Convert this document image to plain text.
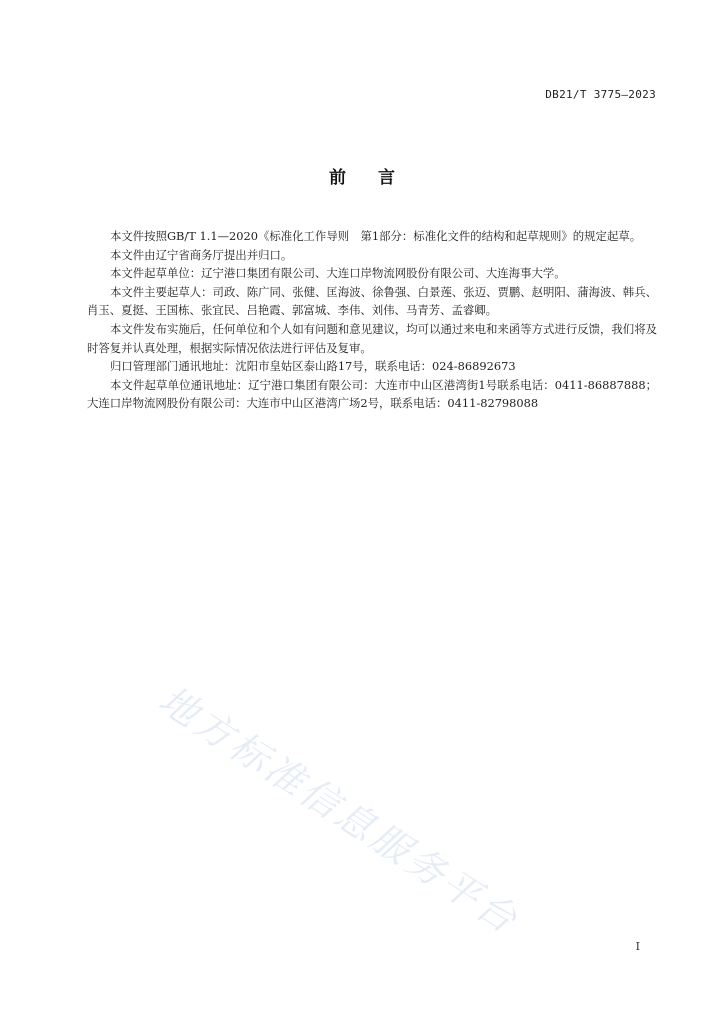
DB21/T 3775—2023
前言

本文件按照GB/T 1.1—2020《标准化工作导则　第1部分：标准化文件的结构和起草规则》的规定起草。

本文件由辽宁省商务厅提出并归口。

本文件起草单位：辽宁港口集团有限公司、大连口岸物流网股份有限公司、大连海事大学。

本文件主要起草人：司政、陈广同、张健、匡海波、徐鲁强、白景莲、张迈、贾鹏、赵明阳、蒲海波、韩兵、肖玉、夏挺、王国栋、张宜民、吕艳霞、郭富城、李伟、刘伟、马青芳、孟睿卿。

本文件发布实施后，任何单位和个人如有问题和意见建议，均可以通过来电和来函等方式进行反馈，我们将及时答复并认真处理，根据实际情况依法进行评估及复审。

归口管理部门通讯地址：沈阳市皇姑区泰山路17号，联系电话：024-86892673

本文件起草单位通讯地址：辽宁港口集团有限公司：大连市中山区港湾街1号联系电话：0411-86887888；大连口岸物流网股份有限公司：大连市中山区港湾广场2号，联系电话：0411-82798088

地方标准信息服务平台
I
